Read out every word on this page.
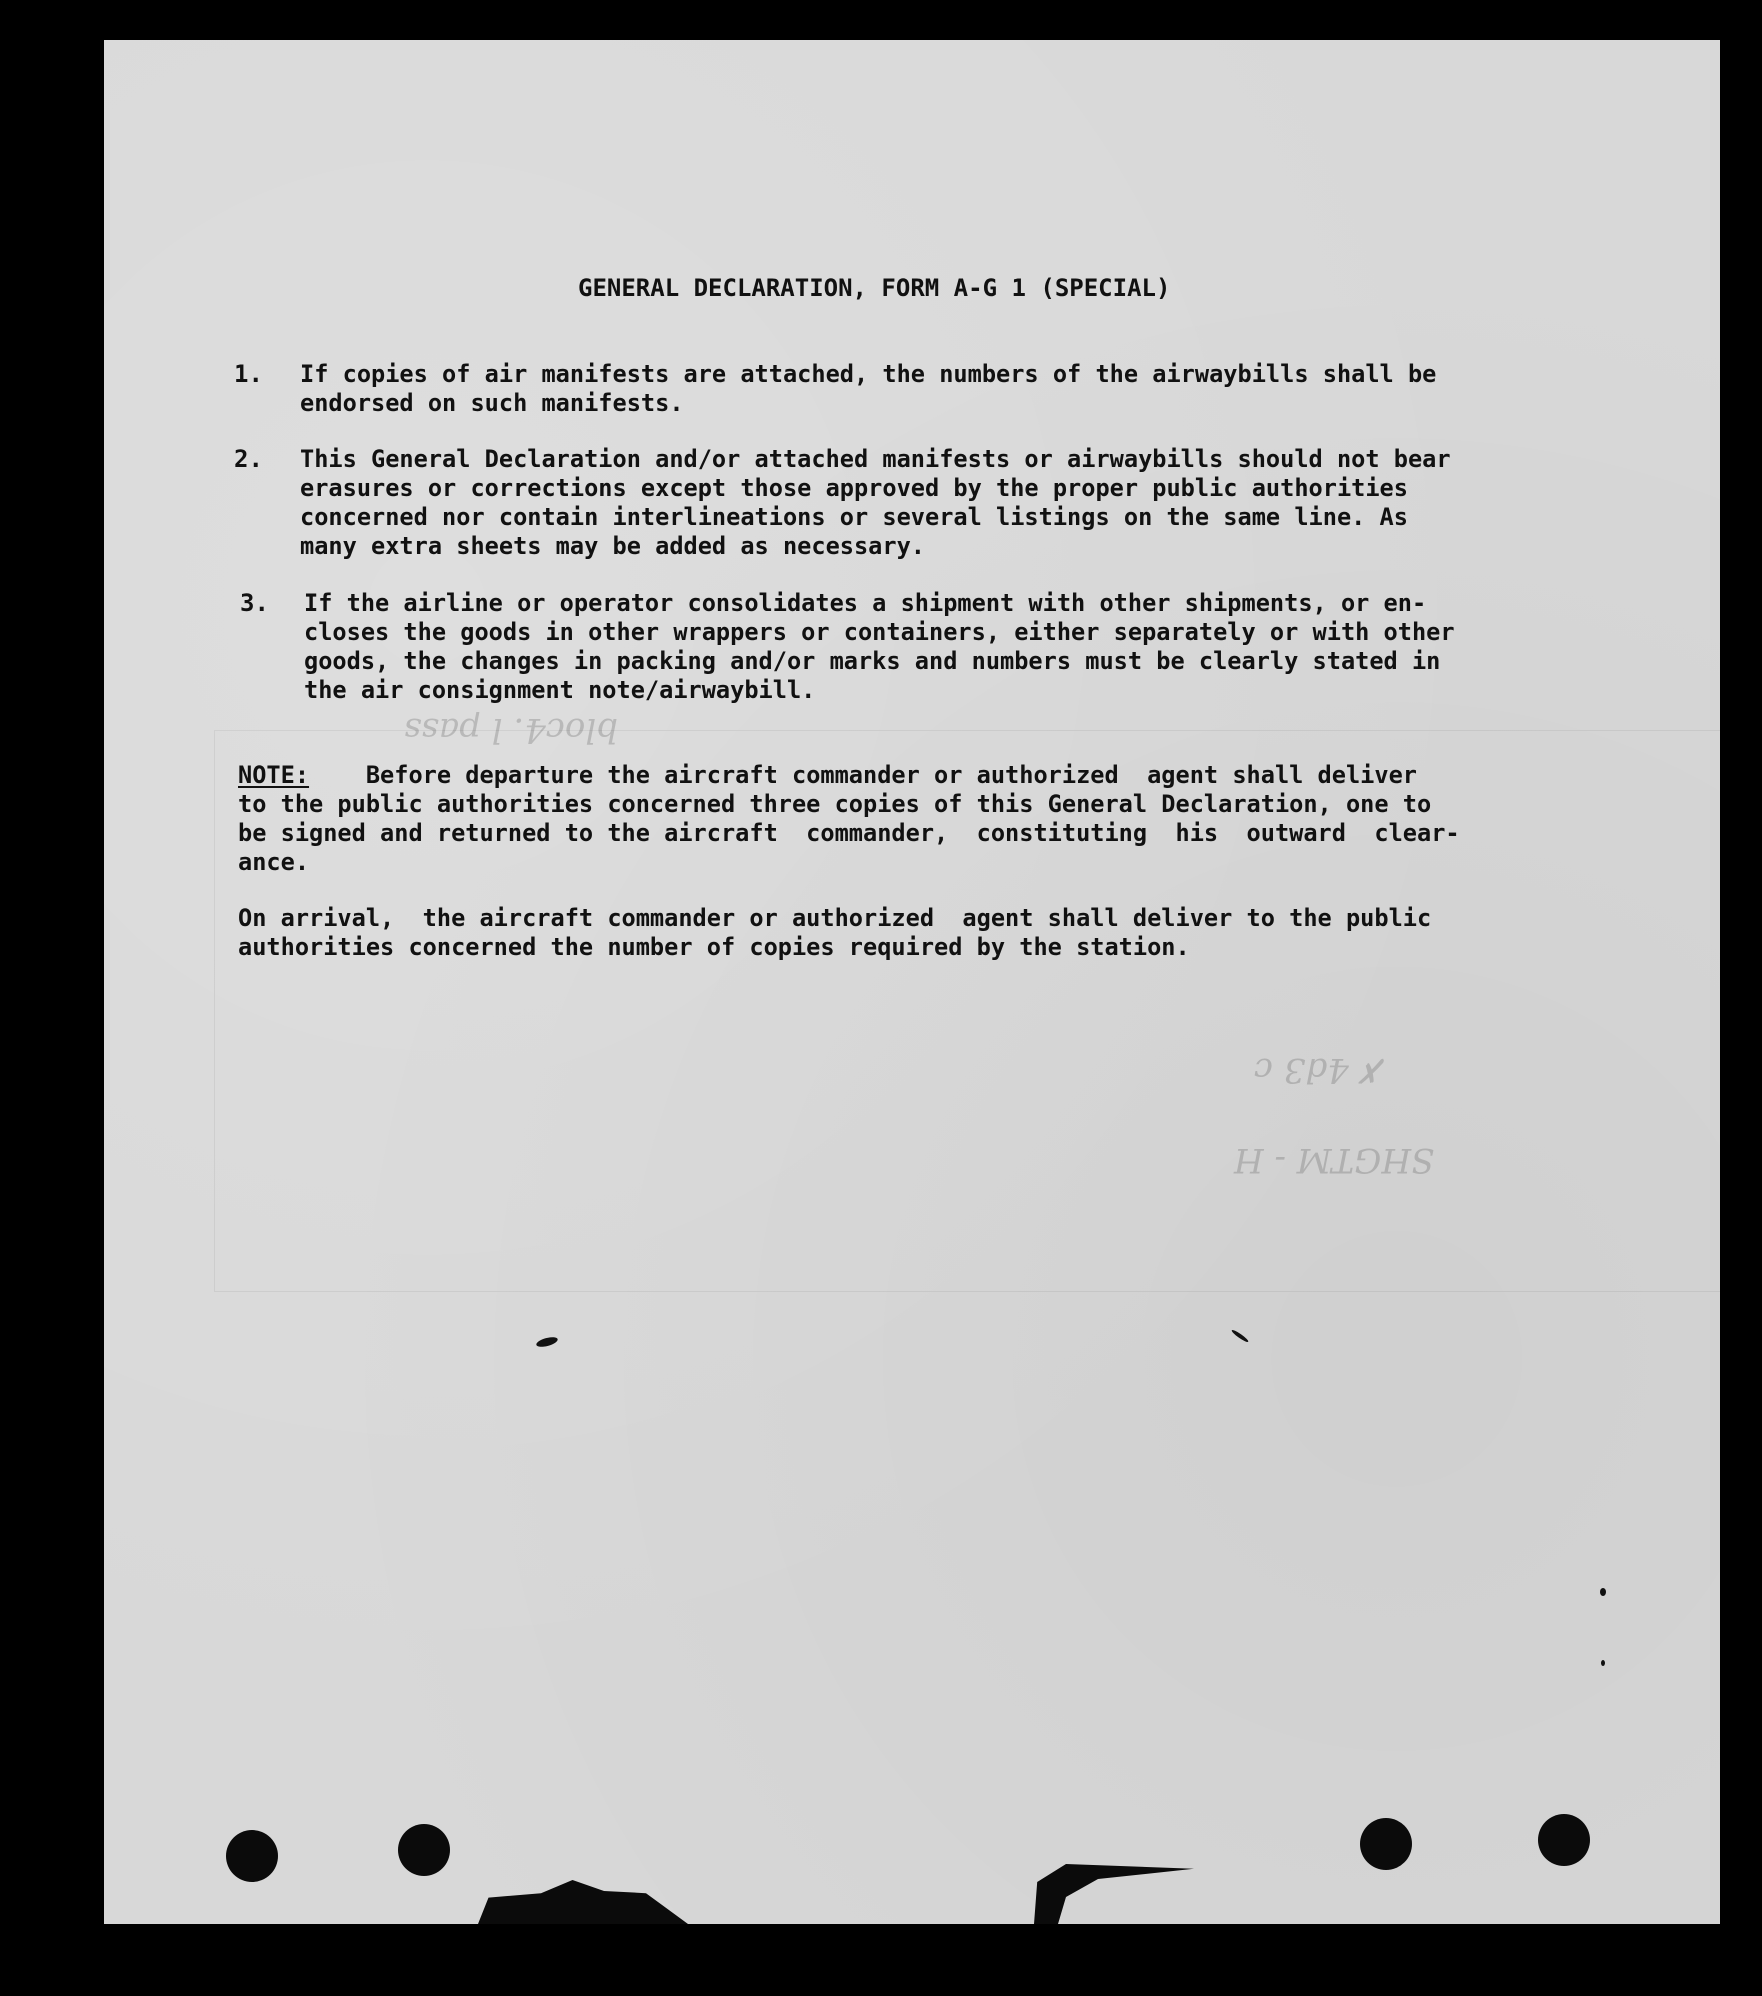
✗ 4d3 c
SHGTM - H
bloc4. l pass
GENERAL DECLARATION, FORM A-G 1 (SPECIAL)
1. If copies of air manifests are attached, the numbers of the airwaybills shall be
endorsed on such manifests.
2. This General Declaration and/or attached manifests or airwaybills should not bear
erasures or corrections except those approved by the proper public authorities
concerned nor contain interlineations or several listings on the same line. As
many extra sheets may be added as necessary.
3. If the airline or operator consolidates a shipment with other shipments, or en-
closes the goods in other wrappers or containers, either separately or with other
goods, the changes in packing and/or marks and numbers must be clearly stated in
the air consignment note/airwaybill.
NOTE:    Before departure the aircraft commander or authorized  agent shall deliver
to the public authorities concerned three copies of this General Declaration, one to
be signed and returned to the aircraft  commander,  constituting  his  outward  clear-
ance.
On arrival,  the aircraft commander or authorized  agent shall deliver to the public
authorities concerned the number of copies required by the station.
